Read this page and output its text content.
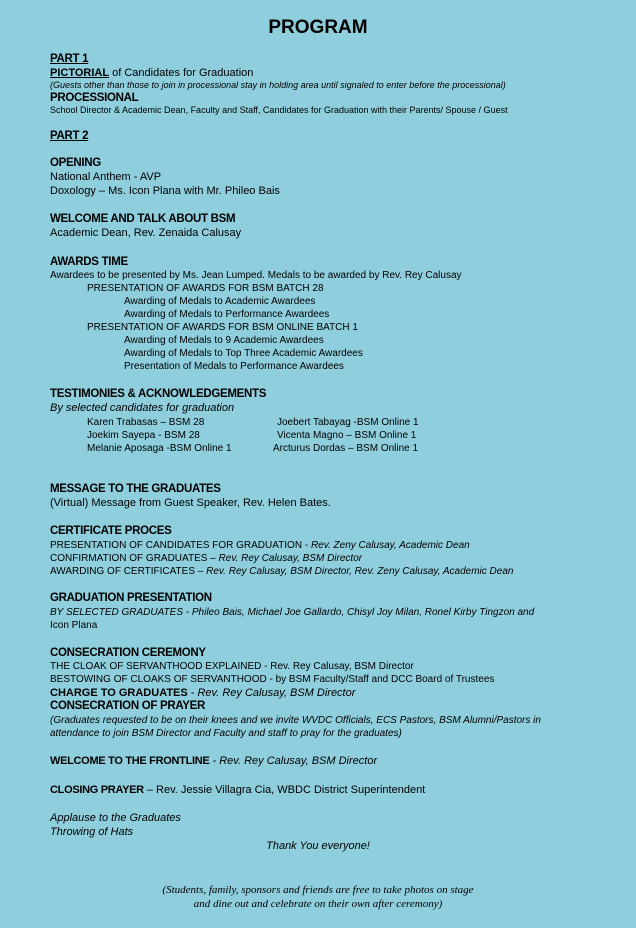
PROGRAM
PART 1
PICTORIAL of Candidates for Graduation
(Guests other than those to join in processional stay in holding area until signaled to enter before the processional)
PROCESSIONAL
School Director & Academic Dean, Faculty and Staff, Candidates for Graduation with their Parents/ Spouse / Guest
PART 2
OPENING
National Anthem - AVP
Doxology – Ms. Icon Plana with Mr. Phileo Bais
WELCOME AND TALK ABOUT BSM
Academic Dean, Rev. Zenaida Calusay
AWARDS TIME
Awardees to be presented by Ms. Jean Lumped. Medals to be awarded by Rev. Rey Calusay
PRESENTATION OF AWARDS FOR BSM BATCH 28
Awarding of Medals to Academic Awardees
Awarding of Medals to Performance Awardees
PRESENTATION OF AWARDS FOR BSM ONLINE BATCH 1
Awarding of Medals to 9 Academic Awardees
Awarding of Medals to Top Three Academic Awardees
Presentation of Medals to Performance Awardees
TESTIMONIES & ACKNOWLEDGEMENTS
By selected candidates for graduation
Karen Trabasas – BSM 28
Joekim Sayepa - BSM 28
Melanie Aposaga -BSM Online 1
Joebert Tabayag -BSM Online 1
Vicenta Magno – BSM Online 1
Arcturus Dordas – BSM Online 1
MESSAGE TO THE GRADUATES
(Virtual) Message from Guest Speaker, Rev. Helen Bates.
CERTIFICATE PROCES
PRESENTATION OF CANDIDATES FOR GRADUATION - Rev. Zeny Calusay, Academic Dean
CONFIRMATION OF GRADUATES – Rev. Rey Calusay, BSM Director
AWARDING OF CERTIFICATES – Rev. Rey Calusay, BSM Director, Rev. Zeny Calusay, Academic Dean
GRADUATION PRESENTATION
BY SELECTED GRADUATES - Phileo Bais, Michael Joe Gallardo, Chisyl Joy Milan, Ronel Kirby Tingzon and
Icon Plana
CONSECRATION CEREMONY
THE CLOAK OF SERVANTHOOD EXPLAINED - Rev. Rey Calusay, BSM Director
BESTOWING OF CLOAKS OF SERVANTHOOD - by BSM Faculty/Staff and DCC Board of Trustees
CHARGE TO GRADUATES - Rev. Rey Calusay, BSM Director
CONSECRATION OF PRAYER
(Graduates requested to be on their knees and we invite WVDC Officials, ECS Pastors, BSM Alumni/Pastors in
attendance to join BSM Director and Faculty and staff to pray for the graduates)
WELCOME TO THE FRONTLINE - Rev. Rey Calusay, BSM Director
CLOSING PRAYER – Rev. Jessie Villagra Cia, WBDC District Superintendent
Applause to the Graduates
Throwing of Hats
Thank You everyone!
(Students, family, sponsors and friends are free to take photos on stage
and dine out and celebrate on their own after ceremony)
